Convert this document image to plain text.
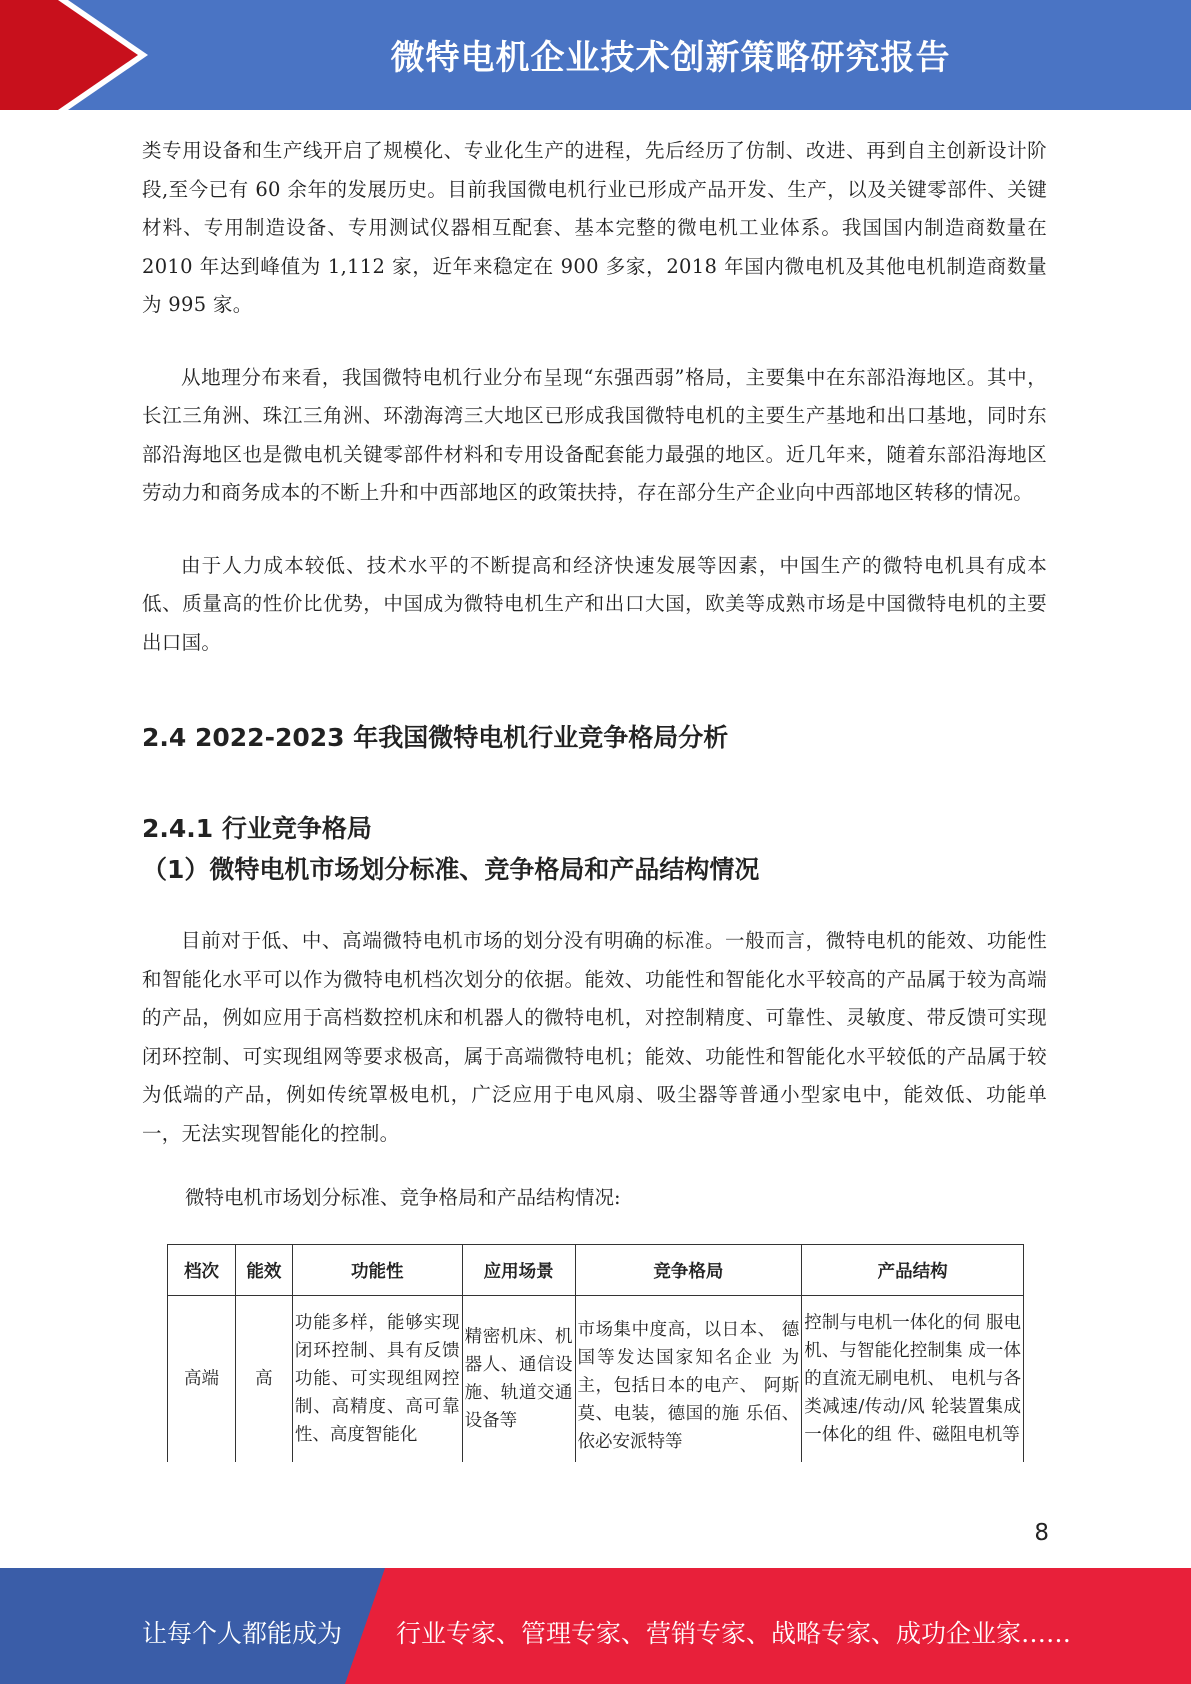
微特电机企业技术创新策略研究报告

类专用设备和生产线开启了规模化、专业化生产的进程，先后经历了仿制、改进、再到自主创新设计阶段,至今已有 60 余年的发展历史。目前我国微电机行业已形成产品开发、生产，以及关键零部件、关键材料、专用制造设备、专用测试仪器相互配套、基本完整的微电机工业体系。我国国内制造商数量在 2010 年达到峰值为 1,112 家，近年来稳定在 900 多家，2018 年国内微电机及其他电机制造商数量为 995 家。

从地理分布来看，我国微特电机行业分布呈现“东强西弱”格局，主要集中在东部沿海地区。其中，长江三角洲、珠江三角洲、环渤海湾三大地区已形成我国微特电机的主要生产基地和出口基地，同时东部沿海地区也是微电机关键零部件材料和专用设备配套能力最强的地区。近几年来，随着东部沿海地区劳动力和商务成本的不断上升和中西部地区的政策扶持，存在部分生产企业向中西部地区转移的情况。

由于人力成本较低、技术水平的不断提高和经济快速发展等因素，中国生产的微特电机具有成本低、质量高的性价比优势，中国成为微特电机生产和出口大国，欧美等成熟市场是中国微特电机的主要出口国。

2.4 2022-2023 年我国微特电机行业竞争格局分析
2.4.1 行业竞争格局
（1）微特电机市场划分标准、竞争格局和产品结构情况

目前对于低、中、高端微特电机市场的划分没有明确的标准。一般而言，微特电机的能效、功能性和智能化水平可以作为微特电机档次划分的依据。能效、功能性和智能化水平较高的产品属于较为高端的产品，例如应用于高档数控机床和机器人的微特电机，对控制精度、可靠性、灵敏度、带反馈可实现闭环控制、可实现组网等要求极高，属于高端微特电机；能效、功能性和智能化水平较低的产品属于较为低端的产品，例如传统罩极电机，广泛应用于电风扇、吸尘器等普通小型家电中，能效低、功能单一，无法实现智能化的控制。

微特电机市场划分标准、竞争格局和产品结构情况:
档次	能效	功能性	应用场景	竞争格局	产品结构
高端	高	功能多样，能够实现闭环控制、具有反馈功能、可实现组网控制、高精度、高可靠性、高度智能化	精密机床、机器人、通信设施、轨道交通设备等	市场集中度高，以日本、 德国等发达国家知名企业 为主，包括日本的电产、 阿斯莫、电装，德国的施 乐佰、依必安派特等	控制与电机一体化的伺 服电机、与智能化控制集 成一体的直流无刷电机、 电机与各类减速/传动/风 轮装置集成一体化的组 件、磁阻电机等
8
让每个人都能成为 行业专家、管理专家、营销专家、战略专家、成功企业家……
